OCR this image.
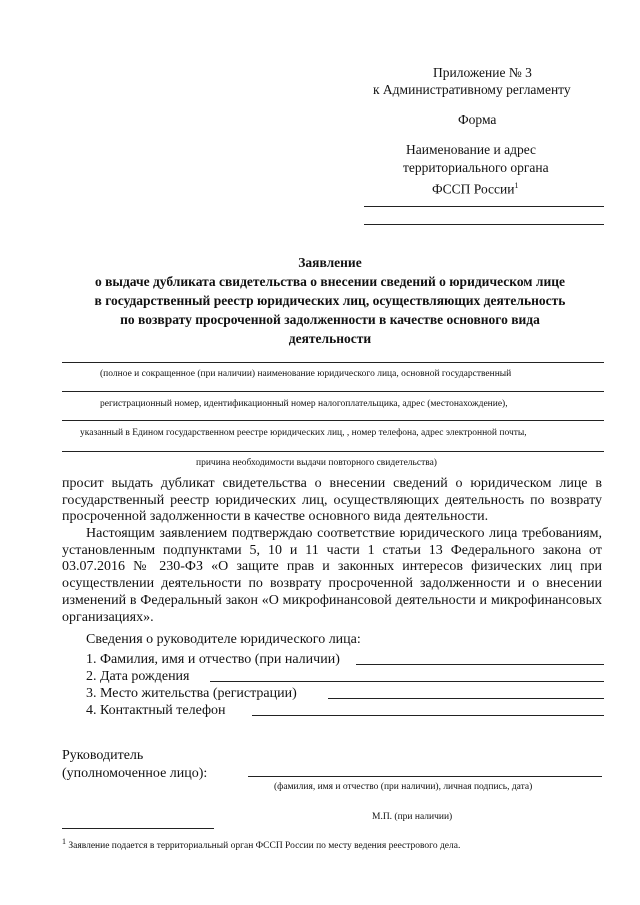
Приложение № 3
к Административному регламенту
Форма
Наименование и адрес
территориального органа
ФССП России$^1$
Заявление
о выдаче дубликата свидетельства о внесении сведений о юридическом лице
в государственный реестр юридических лиц, осуществляющих деятельность
по возврату просроченной задолженности в качестве основного вида
деятельности
(полное и сокращенное (при наличии) наименование юридического лица, основной государственный
регистрационный номер, идентификационный номер налогоплательщика, адрес (местонахождение),
указанный в Едином государственном реестре юридических лиц, , номер телефона, адрес электронной почты,
причина необходимости выдачи повторного свидетельства)
просит выдать дубликат свидетельства о внесении сведений о юридическом лице в государственный реестр юридических лиц, осуществляющих деятельность по возврату просроченной задолженности в качестве основного вида деятельности.
Настоящим заявлением подтверждаю соответствие юридического лица требованиям, установленным подпунктами 5, 10 и 11 части 1 статьи 13 Федерального закона от 03.07.2016 № 230-ФЗ «О защите прав и законных интересов физических лиц при осуществлении деятельности по возврату просроченной задолженности и о внесении изменений в Федеральный закон «О микрофинансовой деятельности и микрофинансовых организациях».
Сведения о руководителе юридического лица:
1. Фамилия, имя и отчество (при наличии)
2. Дата рождения
3. Место жительства (регистрации)
4. Контактный телефон
Руководитель
(уполномоченное лицо):
(фамилия, имя и отчество (при наличии), личная подпись, дата)
М.П. (при наличии)
$^1$ Заявление подается в территориальный орган ФССП России по месту ведения реестрового дела.
